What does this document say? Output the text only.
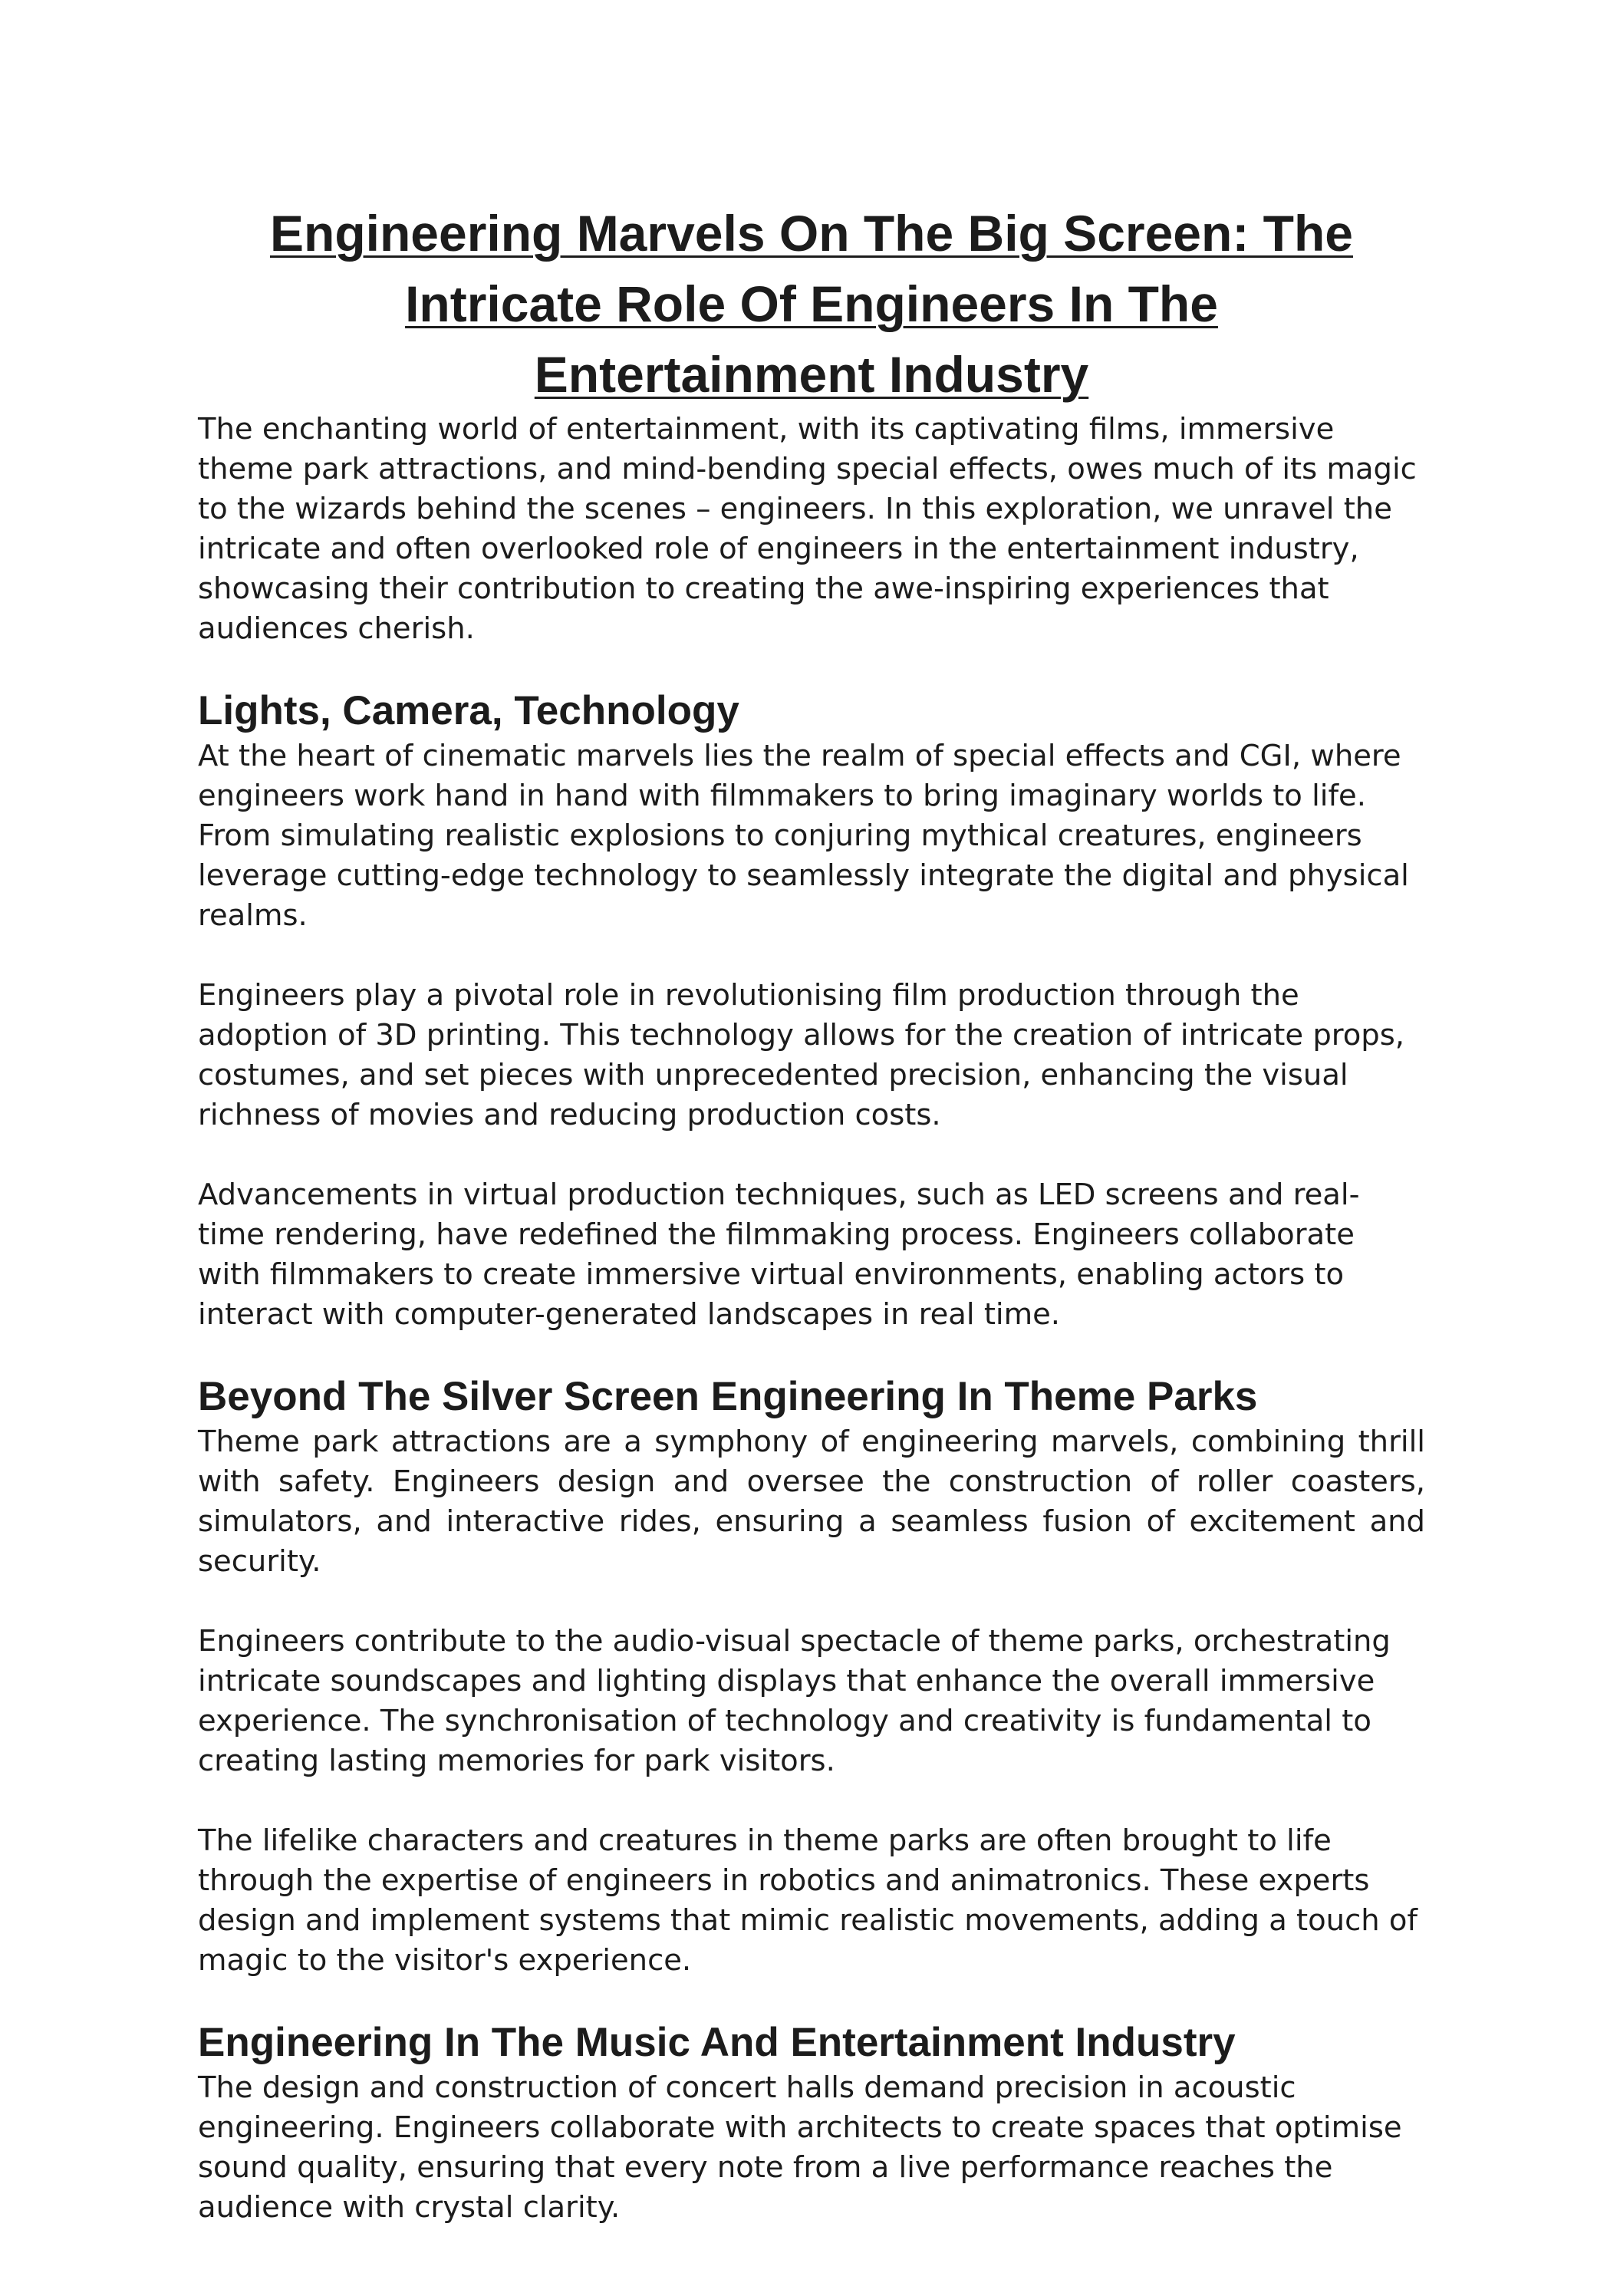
Engineering Marvels On The Big Screen: The Intricate Role Of Engineers In The Entertainment Industry

The enchanting world of entertainment, with its captivating films, immersive theme park attractions, and mind-bending special effects, owes much of its magic to the wizards behind the scenes – engineers. In this exploration, we unravel the intricate and often overlooked role of engineers in the entertainment industry, showcasing their contribution to creating the awe-inspiring experiences that audiences cherish.

Lights, Camera, Technology

At the heart of cinematic marvels lies the realm of special effects and CGI, where engineers work hand in hand with filmmakers to bring imaginary worlds to life. From simulating realistic explosions to conjuring mythical creatures, engineers leverage cutting-edge technology to seamlessly integrate the digital and physical realms.

Engineers play a pivotal role in revolutionising film production through the adoption of 3D printing. This technology allows for the creation of intricate props, costumes, and set pieces with unprecedented precision, enhancing the visual richness of movies and reducing production costs.

Advancements in virtual production techniques, such as LED screens and real-time rendering, have redefined the filmmaking process. Engineers collaborate with filmmakers to create immersive virtual environments, enabling actors to interact with computer-generated landscapes in real time.

Beyond The Silver Screen Engineering In Theme Parks

Theme park attractions are a symphony of engineering marvels, combining thrill with safety. Engineers design and oversee the construction of roller coasters, simulators, and interactive rides, ensuring a seamless fusion of excitement and security.

Engineers contribute to the audio-visual spectacle of theme parks, orchestrating intricate soundscapes and lighting displays that enhance the overall immersive experience. The synchronisation of technology and creativity is fundamental to creating lasting memories for park visitors.

The lifelike characters and creatures in theme parks are often brought to life through the expertise of engineers in robotics and animatronics. These experts design and implement systems that mimic realistic movements, adding a touch of magic to the visitor's experience.

Engineering In The Music And Entertainment Industry

The design and construction of concert halls demand precision in acoustic engineering. Engineers collaborate with architects to create spaces that optimise sound quality, ensuring that every note from a live performance reaches the audience with crystal clarity.
